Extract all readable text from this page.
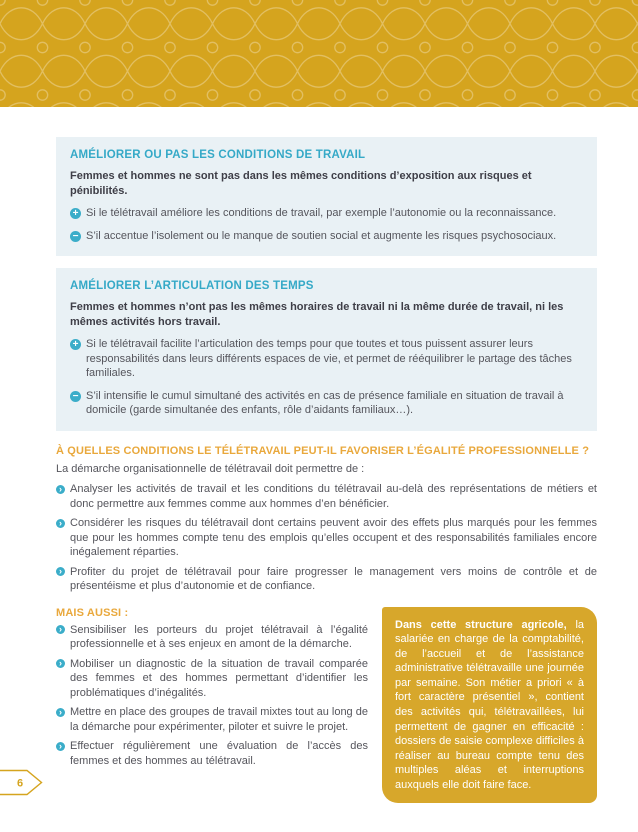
AMÉLIORER OU PAS LES CONDITIONS DE TRAVAIL

Femmes et hommes ne sont pas dans les mêmes conditions d’exposition aux risques et pénibilités.

+ Si le télétravail améliore les conditions de travail, par exemple l’autonomie ou la reconnaissance.
− S’il accentue l’isolement ou le manque de soutien social et augmente les risques psychosociaux.
AMÉLIORER L’ARTICULATION DES TEMPS

Femmes et hommes n’ont pas les mêmes horaires de travail ni la même durée de travail, ni les mêmes activités hors travail.

+ Si le télétravail facilite l’articulation des temps pour que toutes et tous puissent assurer leurs responsabilités dans leurs différents espaces de vie, et permet de rééquilibrer le partage des tâches familiales.
− S’il intensifie le cumul simultané des activités en cas de présence familiale en situation de travail à domicile (garde simultanée des enfants, rôle d’aidants familiaux…).
À QUELLES CONDITIONS LE TÉLÉTRAVAIL PEUT-IL FAVORISER L’ÉGALITÉ PROFESSIONNELLE ?

La démarche organisationnelle de télétravail doit permettre de :

› Analyser les activités de travail et les conditions du télétravail au-delà des représentations de métiers et donc permettre aux femmes comme aux hommes d’en bénéficier.
› Considérer les risques du télétravail dont certains peuvent avoir des effets plus marqués pour les femmes que pour les hommes compte tenu des emplois qu’elles occupent et des responsabilités familiales encore inégalement réparties.
› Profiter du projet de télétravail pour faire progresser le management vers moins de contrôle et de présentéisme et plus d’autonomie et de confiance.
MAIS AUSSI :
› Sensibiliser les porteurs du projet télétravail à l’égalité professionnelle et à ses enjeux en amont de la démarche.
› Mobiliser un diagnostic de la situation de travail comparée des femmes et des hommes permettant d’identifier les problématiques d’inégalités.
› Mettre en place des groupes de travail mixtes tout au long de la démarche pour expérimenter, piloter et suivre le projet.
› Effectuer régulièrement une évaluation de l’accès des femmes et des hommes au télétravail.

Dans cette structure agricole, la salariée en charge de la comptabilité, de l’accueil et de l’assistance administrative télétravaille une journée par semaine. Son métier a priori « à fort caractère présentiel », contient des activités qui, télétravaillées, lui permettent de gagner en efficacité : dossiers de saisie complexe difficiles à réaliser au bureau compte tenu des multiples aléas et interruptions auxquels elle doit faire face.

6
